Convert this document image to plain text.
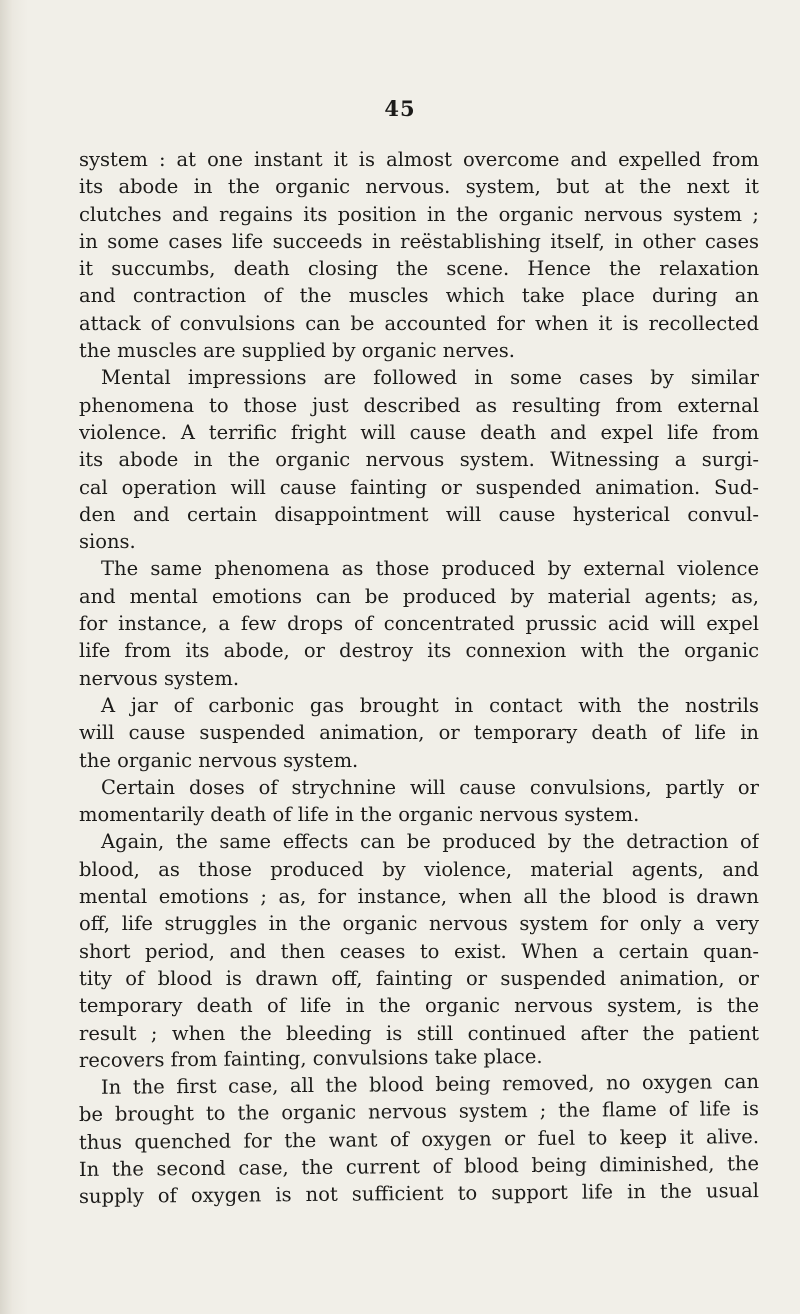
45
system : at one instant it is almost overcome and expelled from
its abode in the organic nervous. system, but at the next it
clutches and regains its position in the organic nervous system ;
in some cases life succeeds in reëstablishing itself, in other cases
it succumbs, death closing the scene. Hence the relaxation
and contraction of the muscles which take place during an
attack of convulsions can be accounted for when it is recollected
the muscles are supplied by organic nerves.
Mental impressions are followed in some cases by similar
phenomena to those just described as resulting from external
violence. A terrific fright will cause death and expel life from
its abode in the organic nervous system. Witnessing a surgi-
cal operation will cause fainting or suspended animation. Sud-
den and certain disappointment will cause hysterical convul-
sions.
The same phenomena as those produced by external violence
and mental emotions can be produced by material agents; as,
for instance, a few drops of concentrated prussic acid will expel
life from its abode, or destroy its connexion with the organic
nervous system.
A jar of carbonic gas brought in contact with the nostrils
will cause suspended animation, or temporary death of life in
the organic nervous system.
Certain doses of strychnine will cause convulsions, partly or
momentarily death of life in the organic nervous system.
Again, the same effects can be produced by the detraction of
blood, as those produced by violence, material agents, and
mental emotions ; as, for instance, when all the blood is drawn
off, life struggles in the organic nervous system for only a very
short period, and then ceases to exist. When a certain quan-
tity of blood is drawn off, fainting or suspended animation, or
temporary death of life in the organic nervous system, is the
result ; when the bleeding is still continued after the patient
recovers from fainting, convulsions take place.
In the first case, all the blood being removed, no oxygen can
be brought to the organic nervous system ; the flame of life is
thus quenched for the want of oxygen or fuel to keep it alive.
In the second case, the current of blood being diminished, the
supply of oxygen is not sufficient to support life in the usual
